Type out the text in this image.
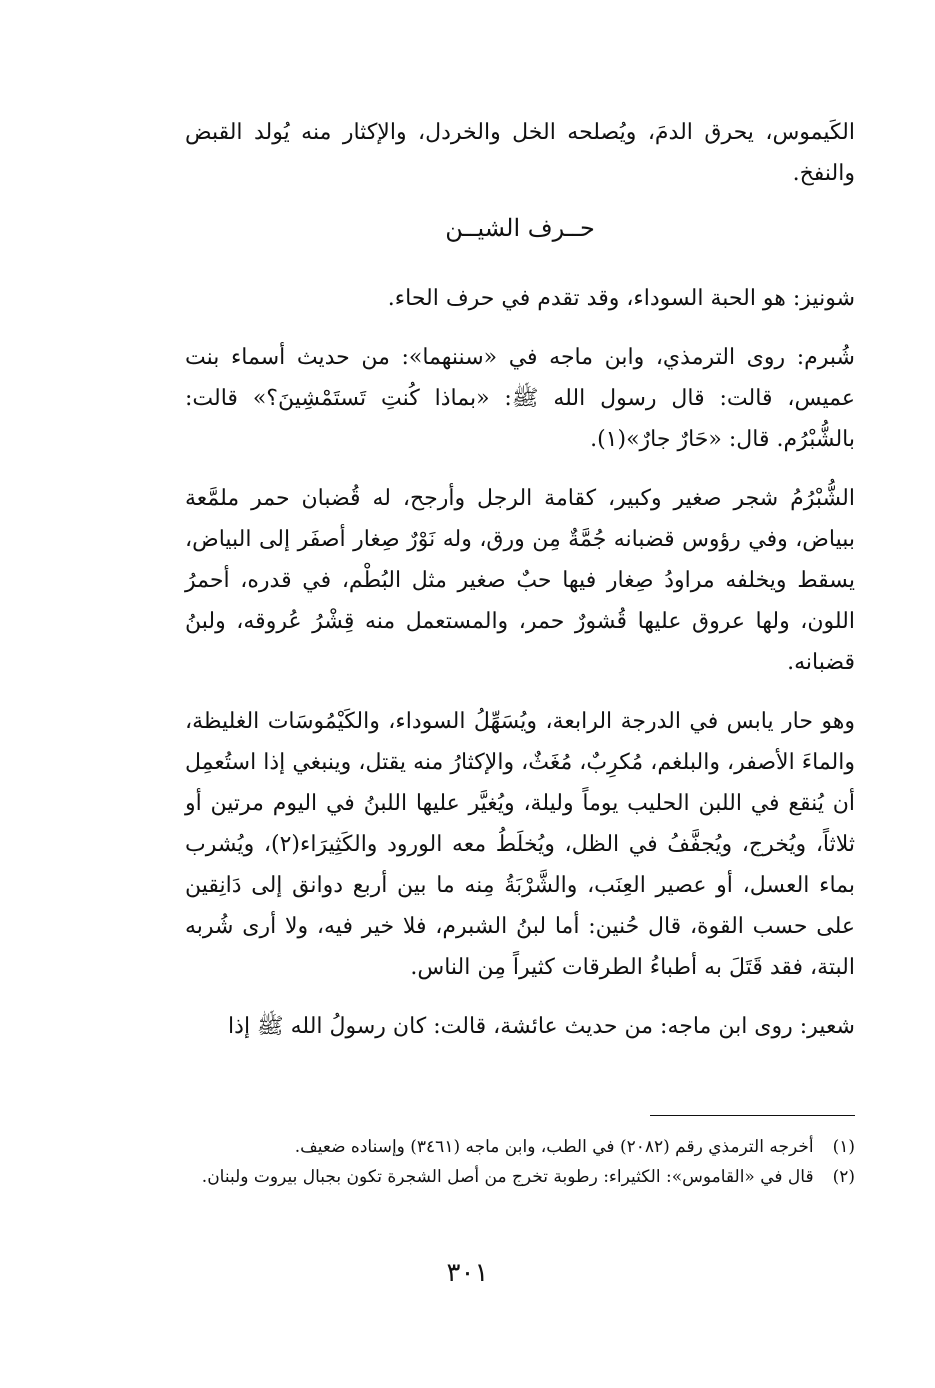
الكَيموس، يحرق الدمَ، ويُصلحه الخل والخردل، والإكثار منه يُولد القبض والنفخ.

حــرف الشيــن

شونيز: هو الحبة السوداء، وقد تقدم في حرف الحاء.

شُبرم: روى الترمذي، وابن ماجه في «سننهما»: من حديث أسماء بنت عميس، قالت: قال رسول الله ﷺ: «بماذا كُنتِ تَستَمْشِينَ؟» قالت: بالشُّبْرُم. قال: «حَارٌ جارٌ»(١).

الشُّبْرُمُ شجر صغير وكبير، كقامة الرجل وأرجح، له قُضبان حمر ملمَّعة ببياض، وفي رؤوس قضبانه جُمَّةٌ مِن ورق، وله نَوْرٌ صِغار أصفَر إلى البياض، يسقط ويخلفه مراودُ صِغار فيها حبٌ صغير مثل البُطْم، في قدره، أحمرُ اللون، ولها عروق عليها قُشورٌ حمر، والمستعمل منه قِشْرُ عُروقه، ولبنُ قضبانه.

وهو حار يابس في الدرجة الرابعة، ويُسَهِّلُ السوداء، والكَيْمُوسَات الغليظة، والماءَ الأصفر، والبلغم، مُكرِبٌ، مُغَثٌ، والإكثارُ منه يقتل، وينبغي إذا استُعمِل أن يُنقع في اللبن الحليب يوماً وليلة، ويُغيَّر عليها اللبنُ في اليوم مرتين أو ثلاثاً، ويُخرج، ويُجفَّفُ في الظل، ويُخلَطُ معه الورود والكَثِيرَاء(٢)، ويُشرب بماء العسل، أو عصير العِنَب، والشَّرْبَةُ مِنه ما بين أربع دوانق إلى دَانِقين على حسب القوة، قال حُنين: أما لبنُ الشبرم، فلا خير فيه، ولا أرى شُربه البتة، فقد قَتَلَ به أطباءُ الطرقات كثيراً مِن الناس.

شعير: روى ابن ماجه: من حديث عائشة، قالت: كان رسولُ الله ﷺ إذا

(١) أخرجه الترمذي رقم (٢٠٨٢) في الطب، وابن ماجه (٣٤٦١) وإسناده ضعيف.

(٢) قال في «القاموس»: الكثيراء: رطوبة تخرج من أصل الشجرة تكون بجبال بيروت ولبنان.

٣٠١
